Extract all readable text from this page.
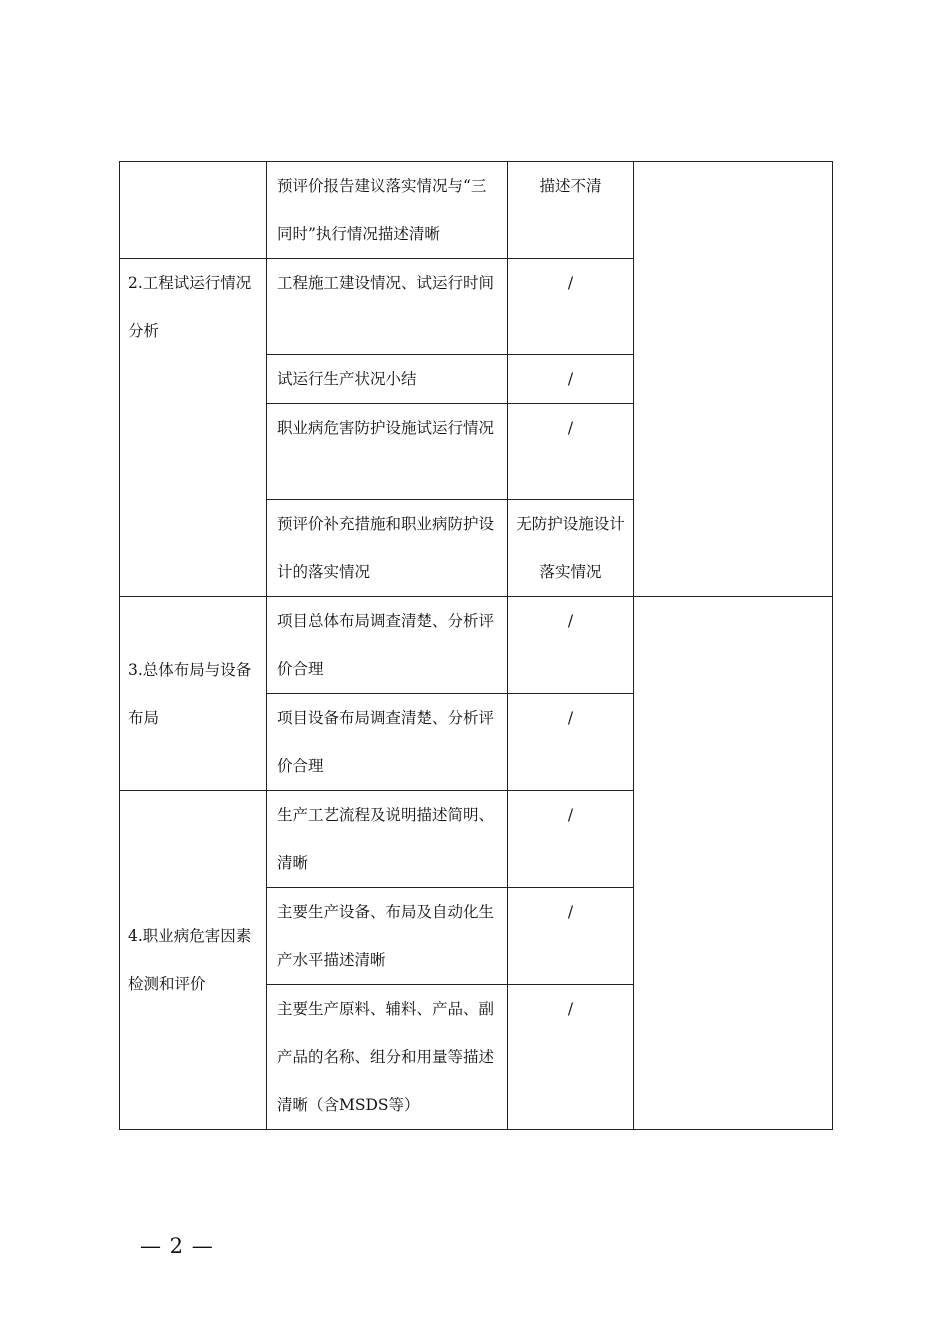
	预评价报告建议落实情况与“三同时”执行情况描述清晰	描述不清	

2.工程试运行情况分析	工程施工建设情况、试运行时间	/	

	试运行生产状况小结	/	

	职业病危害防护设施试运行情况	/	

	预评价补充措施和职业病防护设计的落实情况	无防护设施设计落实情况	

3.总体布局与设备布局	项目总体布局调查清楚、分析评价合理	/	

	项目设备布局调查清楚、分析评价合理	/	

4.职业病危害因素检测和评价	生产工艺流程及说明描述简明、清晰	/	

	主要生产设备、布局及自动化生产水平描述清晰	/	

	主要生产原料、辅料、产品、副产品的名称、组分和用量等描述清晰（含MSDS等）	/	
— 2 —
